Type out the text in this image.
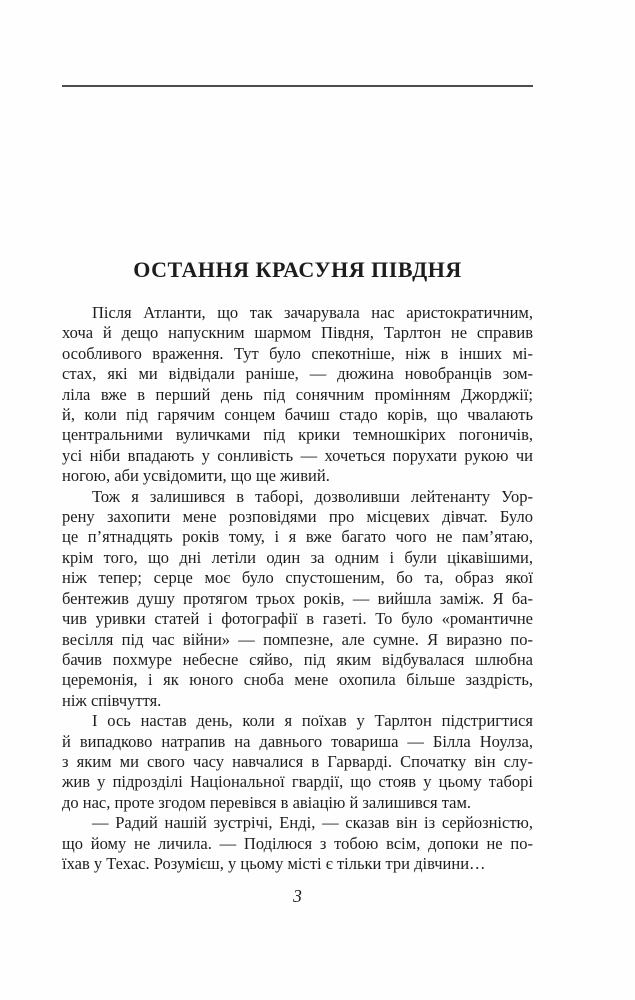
ОСТАННЯ КРАСУНЯ ПІВДНЯ
Після Атланти, що так зачарувала нас аристократичним,
хоча й дещо напускним шармом Півдня, Тарлтон не справив
особливого враження. Тут було спекотніше, ніж в інших мі-
стах, які ми відвідали раніше, — дюжина новобранців зом-
ліла вже в перший день під сонячним промінням Джорджії;
й, коли під гарячим сонцем бачиш стадо корів, що чвалають
центральними вуличками під крики темношкірих погоничів,
усі ніби впадають у сонливість — хочеться порухати рукою чи
ногою, аби усвідомити, що ще живий.
Тож я залишився в таборі, дозволивши лейтенанту Уор-
рену захопити мене розповідями про місцевих дівчат. Було
це п’ятнадцять років тому, і я вже багато чого не пам’ятаю,
крім того, що дні летіли один за одним і були цікавішими,
ніж тепер; серце моє було спустошеним, бо та, образ якої
бентежив душу протягом трьох років, — вийшла заміж. Я ба-
чив уривки статей і фотографії в газеті. То було «романтичне
весілля під час війни» — помпезне, але сумне. Я виразно по-
бачив похмуре небесне сяйво, під яким відбувалася шлюбна
церемонія, і як юного сноба мене охопила більше заздрість,
ніж співчуття.
І ось настав день, коли я поїхав у Тарлтон підстригтися
й випадково натрапив на давнього товариша — Білла Ноулза,
з яким ми свого часу навчалися в Гарварді. Спочатку він слу-
жив у підрозділі Національної гвардії, що стояв у цьому таборі
до нас, проте згодом перевівся в авіацію й залишився там.
— Радий нашій зустрічі, Енді, — сказав він із серйозністю,
що йому не личила. — Поділюся з тобою всім, допоки не по-
їхав у Техас. Розумієш, у цьому місті є тільки три дівчини…
3
